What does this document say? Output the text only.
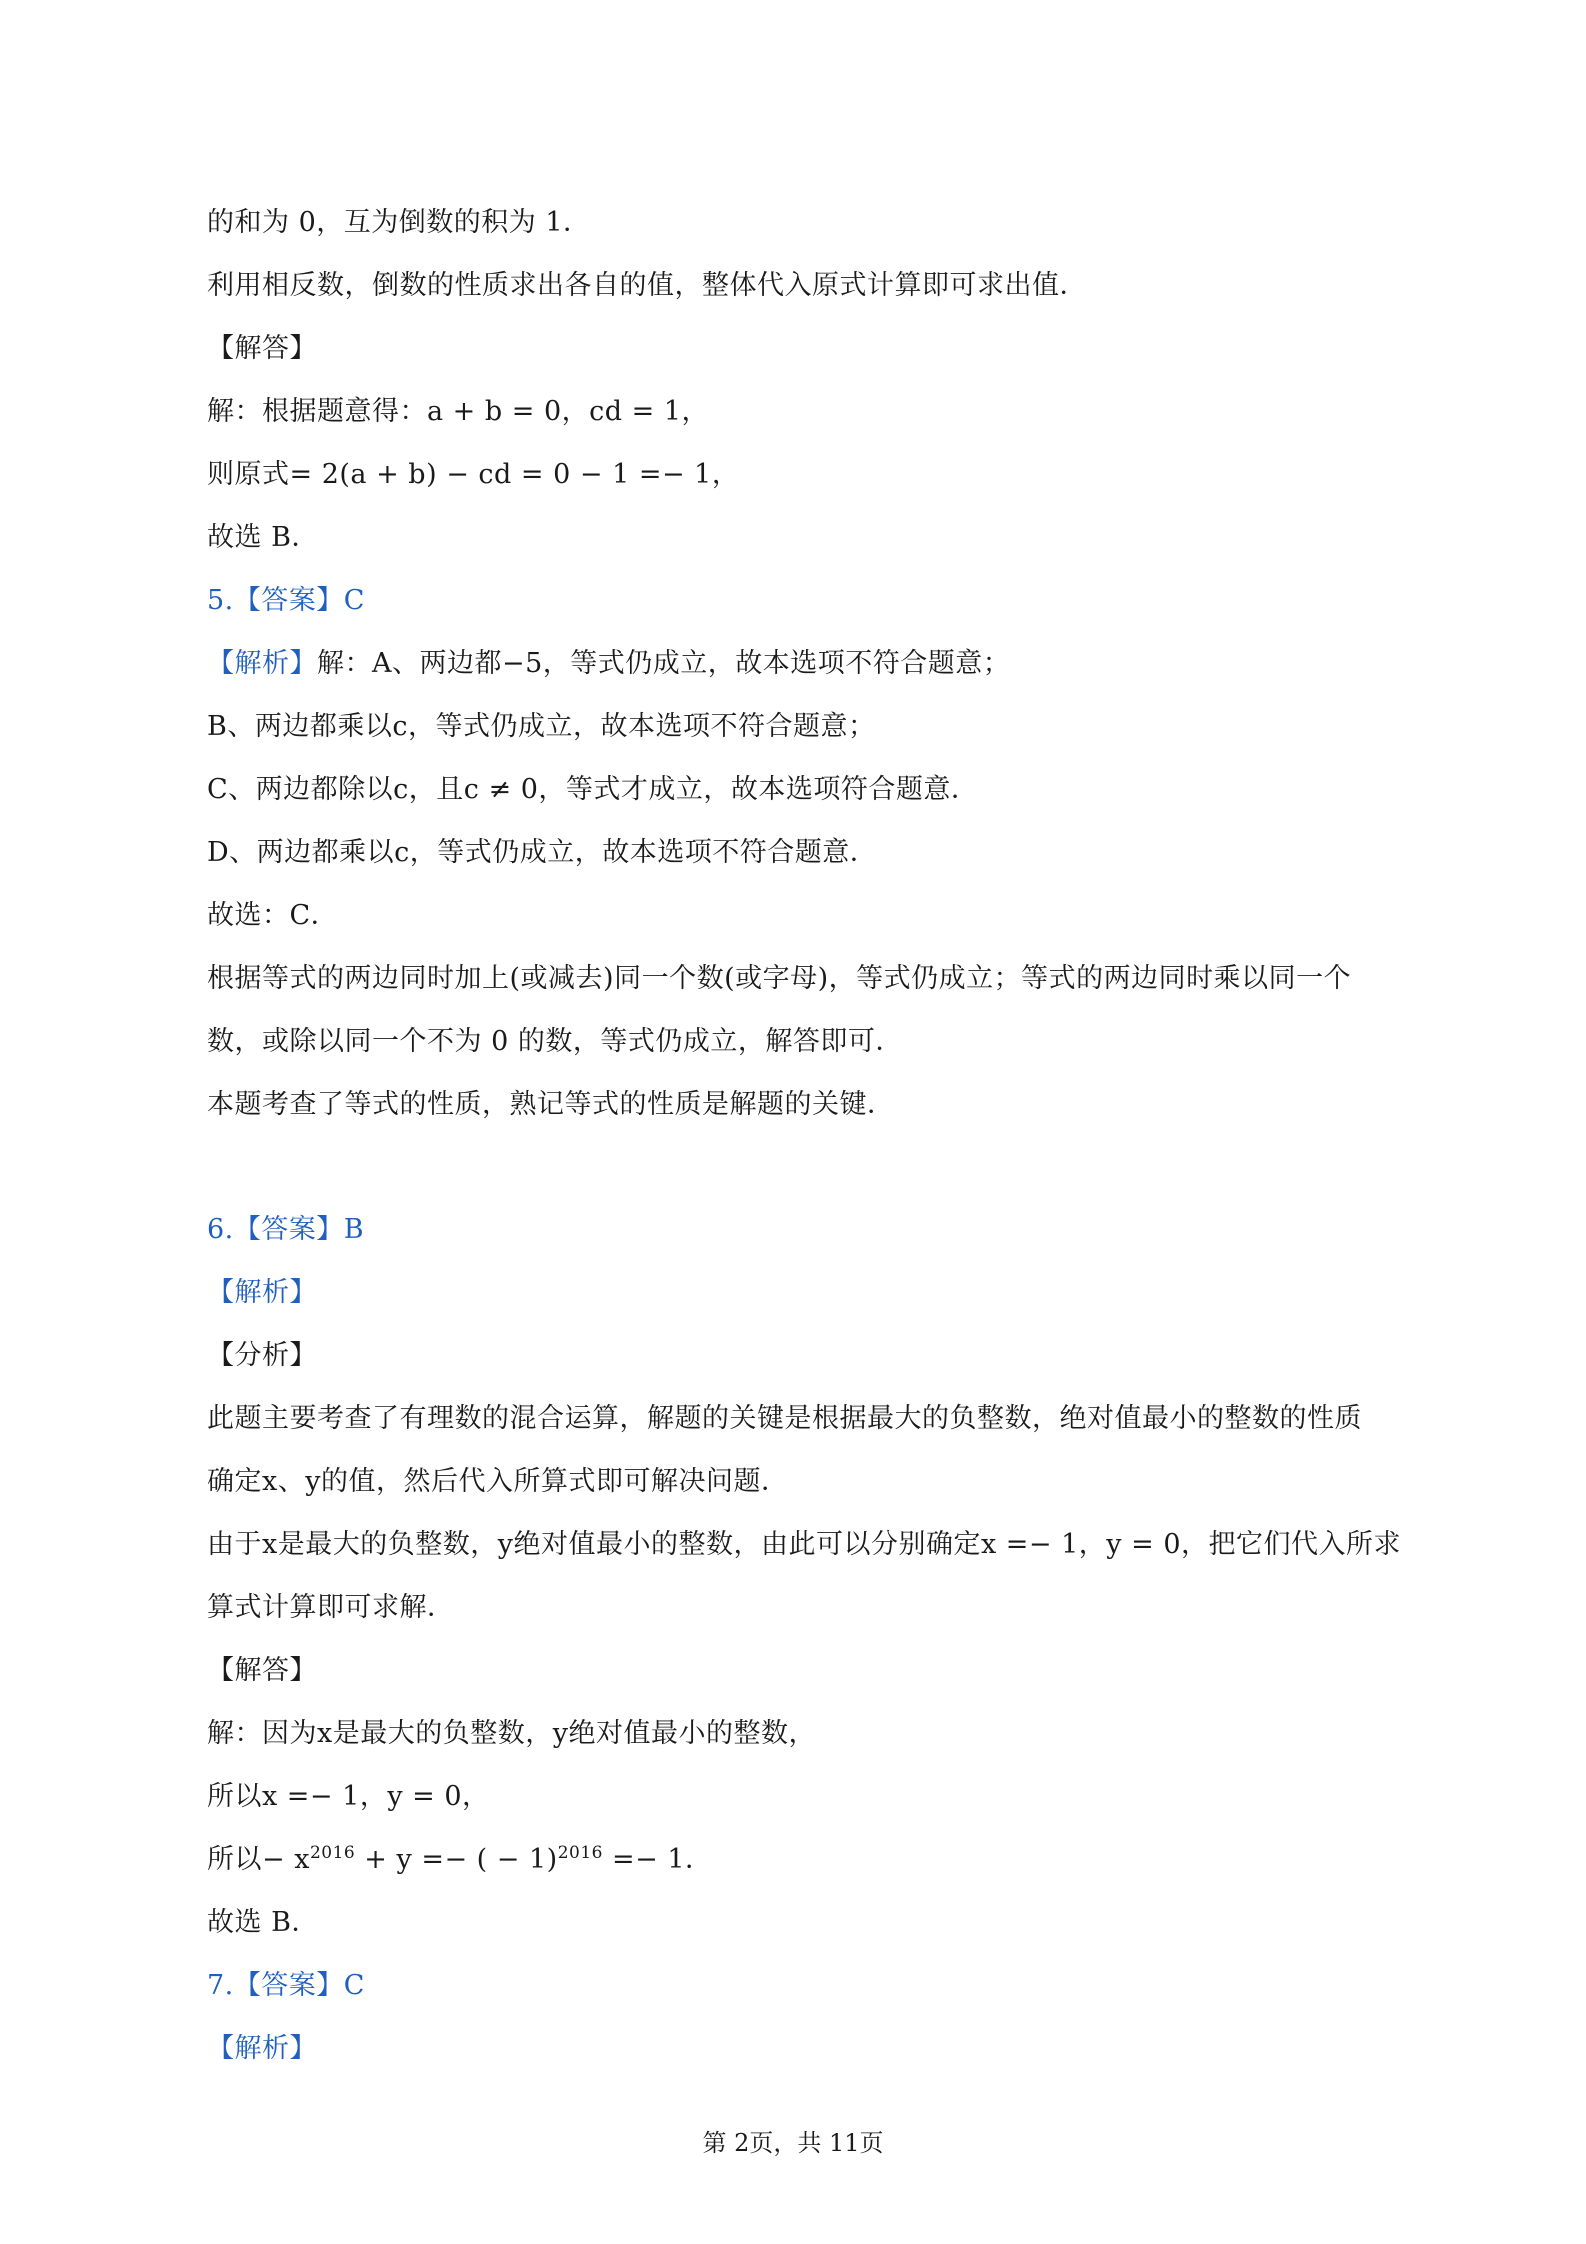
的和为 0，互为倒数的积为 1．
利用相反数，倒数的性质求出各自的值，整体代入原式计算即可求出值．
【解答】
解：根据题意得：a + b = 0，cd = 1，
则原式= 2(a + b) − cd = 0 − 1 =− 1，
故选 B．
5.【答案】C
【解析】解：A、两边都−5，等式仍成立，故本选项不符合题意；
B、两边都乘以c，等式仍成立，故本选项不符合题意；
C、两边都除以c，且c ≠ 0，等式才成立，故本选项符合题意．
D、两边都乘以c，等式仍成立，故本选项不符合题意．
故选：C．
根据等式的两边同时加上(或减去)同一个数(或字母)，等式仍成立；等式的两边同时乘以同一个
数，或除以同一个不为 0 的数，等式仍成立，解答即可．
本题考查了等式的性质，熟记等式的性质是解题的关键．
6.【答案】B
【解析】
【分析】
此题主要考查了有理数的混合运算，解题的关键是根据最大的负整数，绝对值最小的整数的性质
确定x、y的值，然后代入所算式即可解决问题．
由于x是最大的负整数，y绝对值最小的整数，由此可以分别确定x =− 1，y = 0，把它们代入所求
算式计算即可求解．
【解答】
解：因为x是最大的负整数，y绝对值最小的整数，
所以x =− 1，y = 0，
所以− $x^{2016} + y$ =− ( − 1)$^{2016}$ =− 1．
故选 B．
7.【答案】C
【解析】
第 2页，共 11页
